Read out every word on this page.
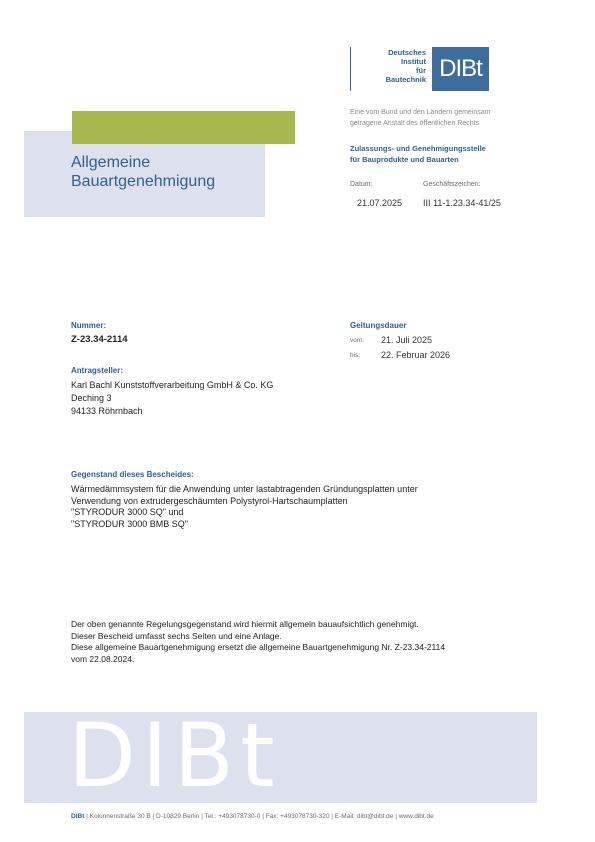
Deutsches
Institut
für
Bautechnik DIBt
Eine vom Bund und den Ländern gemeinsam
getragene Anstalt des öffentlichen Rechts
Zulassungs- und Genehmigungsstelle
für Bauprodukte und Bauarten
Datum:	Geschäftszeichen:
21.07.2025 III 11-1.23.34-41/25
Allgemeine
Bauartgenehmigung
Nummer:
Z-23.34-2114
Geltungsdauer
vom: 21. Juli 2025
bis: 22. Februar 2026
Antragsteller:
Karl Bachl Kunststoffverarbeitung GmbH & Co. KG
Deching 3
94133 Röhrnbach
Gegenstand dieses Bescheides:
Wärmedämmsystem für die Anwendung unter lastabtragenden Gründungsplatten unter
Verwendung von extrudergeschäumten Polystyrol-Hartschaumplatten
"STYRODUR 3000 SQ" und
"STYRODUR 3000 BMB SQ"
Der oben genannte Regelungsgegenstand wird hiermit allgemein bauaufsichtlich genehmigt.
Dieser Bescheid umfasst sechs Seiten und eine Anlage.
Diese allgemeine Bauartgenehmigung ersetzt die allgemeine Bauartgenehmigung Nr. Z-23.34-2114
vom 22.08.2024.
DIBt
DIBt | Kolonnenstraße 30 B | D-10829 Berlin | Tel.: +493078730-0 | Fax: +493078730-320 | E-Mail: dibt@dibt.de | www.dibt.de
